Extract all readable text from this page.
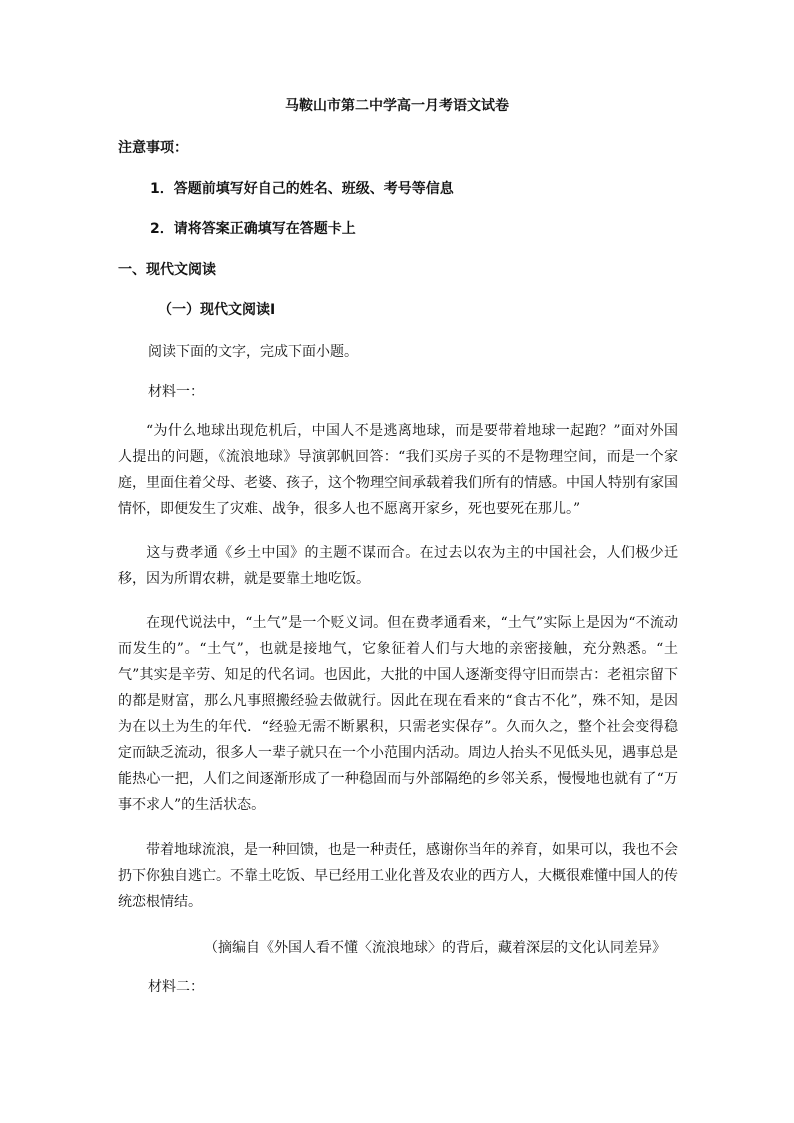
马鞍山市第二中学高一月考语文试卷
注意事项：
1．答题前填写好自己的姓名、班级、考号等信息
2．请将答案正确填写在答题卡上
一、现代文阅读
（一）现代文阅读Ⅰ
阅读下面的文字，完成下面小题。
材料一：
“为什么地球出现危机后，中国人不是逃离地球，而是要带着地球一起跑？”面对外国人提出的问题，《流浪地球》导演郭帆回答：“我们买房子买的不是物理空间，而是一个家庭，里面住着父母、老婆、孩子，这个物理空间承载着我们所有的情感。中国人特别有家国情怀，即便发生了灾难、战争，很多人也不愿离开家乡，死也要死在那儿。”
这与费孝通《乡土中国》的主题不谋而合。在过去以农为主的中国社会，人们极少迁移，因为所谓农耕，就是要靠土地吃饭。
在现代说法中，“土气”是一个贬义词。但在费孝通看来，“土气”实际上是因为“不流动而发生的”。“土气”，也就是接地气，它象征着人们与大地的亲密接触，充分熟悉。“土气”其实是辛劳、知足的代名词。也因此，大批的中国人逐渐变得守旧而崇古：老祖宗留下的都是财富，那么凡事照搬经验去做就行。因此在现在看来的“食古不化”，殊不知，是因为在以土为生的年代．“经验无需不断累积，只需老实保存”。久而久之，整个社会变得稳定而缺乏流动，很多人一辈子就只在一个小范围内活动。周边人抬头不见低头见，遇事总是能热心一把，人们之间逐渐形成了一种稳固而与外部隔绝的乡邻关系，慢慢地也就有了“万事不求人”的生活状态。
带着地球流浪，是一种回馈，也是一种责任，感谢你当年的养育，如果可以，我也不会扔下你独自逃亡。不靠土吃饭、早已经用工业化普及农业的西方人，大概很难懂中国人的传统恋根情结。
（摘编自《外国人看不懂〈流浪地球〉的背后，藏着深层的文化认同差异》
材料二：
